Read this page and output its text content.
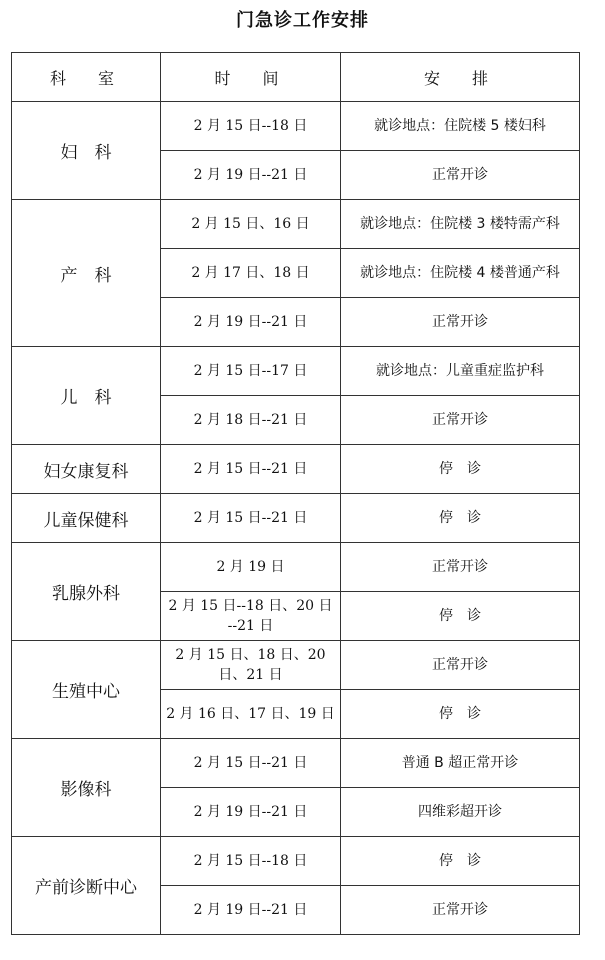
门急诊工作安排
科　室	时　间	安　排
妇　科	2 月 15 日--18 日	就诊地点：住院楼 5 楼妇科
	2 月 19 日--21 日	正常开诊
产　科	2 月 15 日、16 日	就诊地点：住院楼 3 楼特需产科
	2 月 17 日、18 日	就诊地点：住院楼 4 楼普通产科
	2 月 19 日--21 日	正常开诊
儿　科	2 月 15 日--17 日	就诊地点：儿童重症监护科
	2 月 18 日--21 日	正常开诊
妇女康复科	2 月 15 日--21 日	停　诊
儿童保健科	2 月 15 日--21 日	停　诊
乳腺外科	2 月 19 日	正常开诊
	2 月 15 日--18 日、20 日 --21 日	停　诊
生殖中心	2 月 15 日、18 日、20 日、21 日	正常开诊
	2 月 16 日、17 日、19 日	停　诊
影像科	2 月 15 日--21 日	普通 B 超正常开诊
	2 月 19 日--21 日	四维彩超开诊
产前诊断中心	2 月 15 日--18 日	停　诊
	2 月 19 日--21 日	正常开诊
